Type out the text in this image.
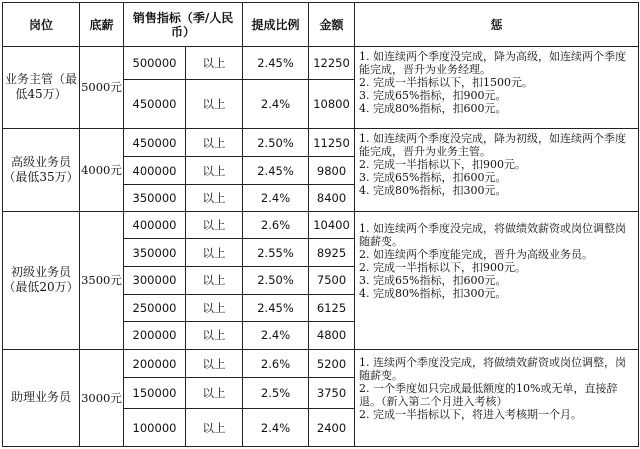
岗位	底薪	销售指标（季/人民币）		提成比例	金额	惩
业务主管（最低45万）	5000元	500000	以上	2.45%	12250	1. 如连续两个季度没完成，降为高级，如连续两个季度能完成，晋升为业务经理。
2. 完成一半指标以下，扣1500元。
3. 完成65%指标，扣900元。
4. 完成80%指标，扣600元。

		450000	以上	2.4%	10800	
高级业务员（最低35万）	4000元	450000	以上	2.50%	11250	1. 如连续两个季度没完成，降为初级，如连续两个季度能完成，晋升为业务主管。
2. 完成一半指标以下，扣900元。
3. 完成65%指标，扣600元。
4. 完成80%指标，扣300元。

		400000	以上	2.45%	9800	
		350000	以上	2.4%	8400	
初级业务员（最低20万）	3500元	400000	以上	2.6%	10400	1. 如连续两个季度没完成，将做绩效薪资或岗位调整岗随薪变。
2. 如连续两个季度能完成，晋升为高级业务员。
2. 完成一半指标以下，扣900元。
3. 完成65%指标，扣600元。
4. 完成80%指标，扣300元。

		350000	以上	2.55%	8925	
		300000	以上	2.50%	7500	
		250000	以上	2.45%	6125	
		200000	以上	2.4%	4800	
助理业务员	3000元	200000	以上	2.6%	5200	1. 连续两个季度没完成，将做绩效薪资或岗位调整，岗随薪变。
2. 一个季度如只完成最低额度的10%或无单，直接辞退。（新入第二个月进入考核）
2. 完成一半指标以下，将进入考核期一个月。

		150000	以上	2.5%	3750	
		100000	以上	2.4%	2400	
